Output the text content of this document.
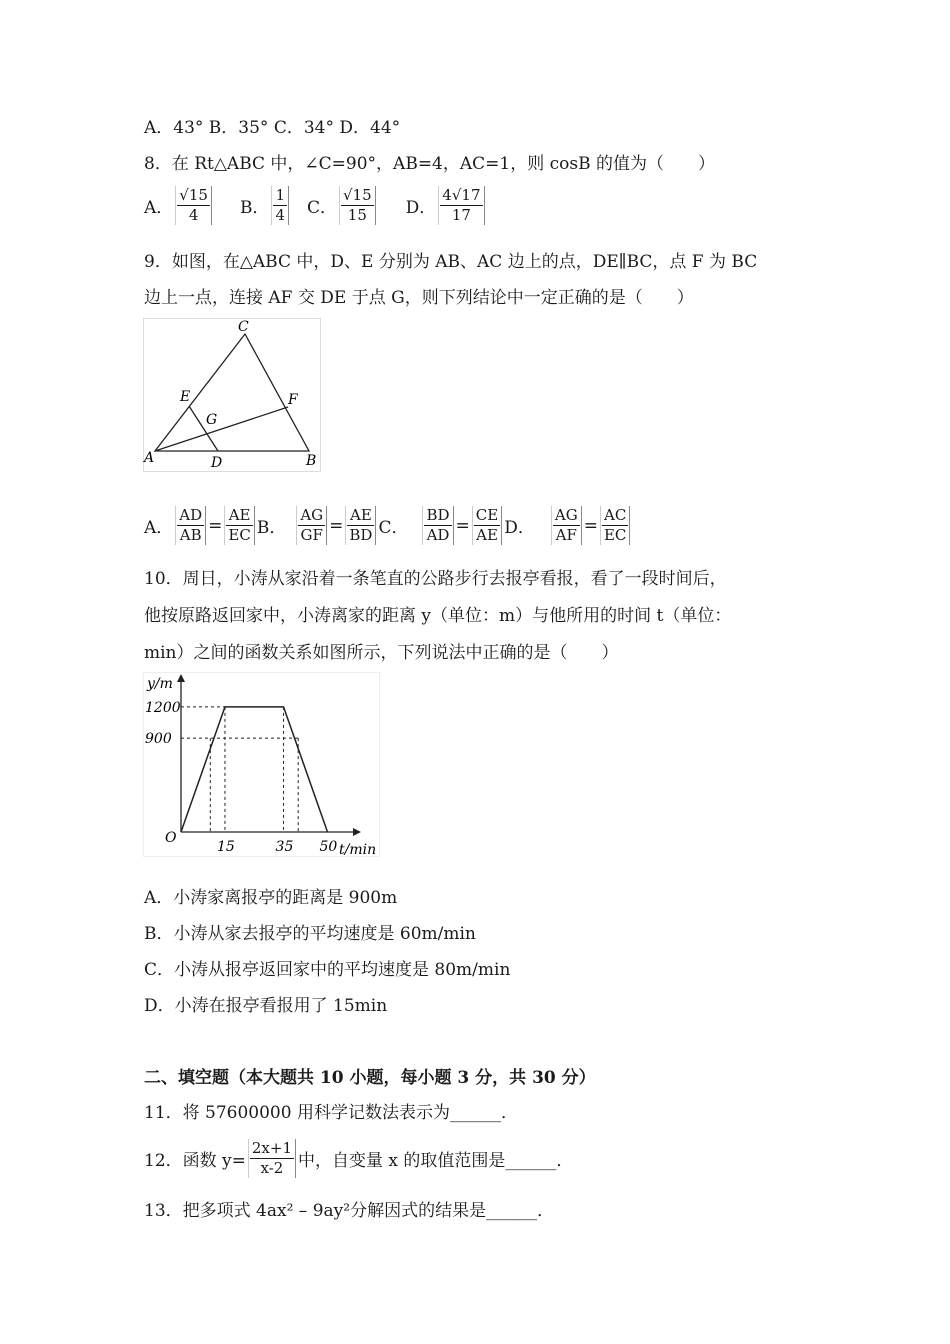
A．43° B．35° C．34° D．44°
8．在 Rt△ABC 中，∠C=90°，AB=4，AC=1，则 cosB 的值为（　　）
A． $\frac{√15}{4}$ B． $\frac{1}{4}$ C． $\frac{√15}{15}$ D． $\frac{4√17}{17}$
9．如图，在△ABC 中，D、E 分别为 AB、AC 边上的点，DE∥BC，点 F 为 BC
边上一点，连接 AF 交 DE 于点 G，则下列结论中一定正确的是（　　）
A	B
C
D
E	F
G
A． $\frac{AD}{AB} = \frac{AE}{EC}$ B． $\frac{AG}{GF} = \frac{AE}{BD}$ C． $\frac{BD}{AD} = \frac{CE}{AE}$ D． $\frac{AG}{AF} = \frac{AC}{EC}$
10．周日，小涛从家沿着一条笔直的公路步行去报亭看报，看了一段时间后，
他按原路返回家中，小涛离家的距离 y（单位：m）与他所用的时间 t（单位：
min）之间的函数关系如图所示，下列说法中正确的是（　　）
1200
900
15	35 50
O
y/m
t/min
A．小涛家离报亭的距离是 900m
B．小涛从家去报亭的平均速度是 60m/min
C．小涛从报亭返回家中的平均速度是 80m/min
D．小涛在报亭看报用了 15min
二、填空题（本大题共 10 小题，每小题 3 分，共 30 分）
11．将 57600000 用科学记数法表示为______．
12．函数 $y= \frac{2x+1}{x-2}$ 中，自变量 x 的取值范围是______．
13．把多项式 4ax² – 9ay²分解因式的结果是______．
